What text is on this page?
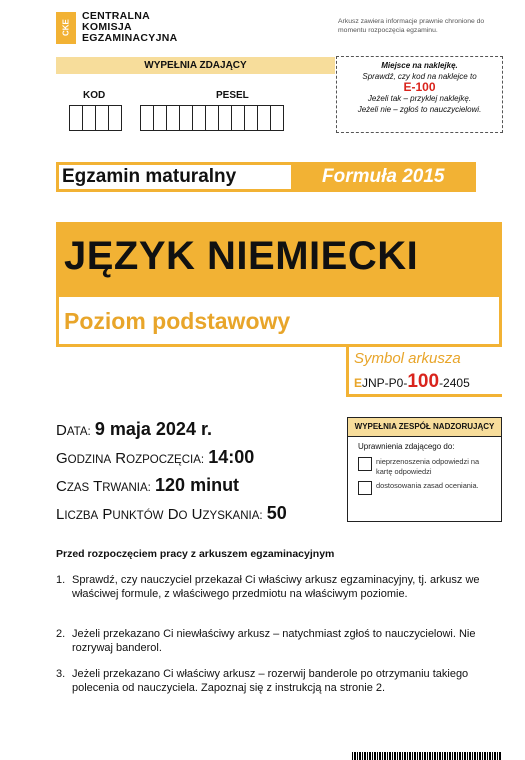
CKE
CENTRALNA
KOMISJA
EGZAMINACYJNA
Arkusz zawiera informacje prawnie chronione do momentu rozpoczęcia egzaminu.
WYPEŁNIA ZDAJĄCY
KOD	PESEL
Miejsce na naklejkę.
Sprawdź, czy kod na naklejce to
E-100
Jeżeli tak – przyklej naklejkę.
Jeżeli nie – zgłoś to nauczycielowi.
Egzamin maturalny	Formuła 2015
JĘZYK NIEMIECKI
Poziom podstawowy
Symbol arkusza
EJNP-P0-100-2405
DATA: 9 maja 2024 r.
GODZINA ROZPOCZĘCIA: 14:00
CZAS TRWANIA: 120 minut
LICZBA PUNKTÓW DO UZYSKANIA: 50
WYPEŁNIA ZESPÓŁ NADZORUJĄCY
Uprawnienia zdającego do:
nieprzenoszenia odpowiedzi na kartę odpowiedzi
dostosowania zasad oceniania.
Przed rozpoczęciem pracy z arkuszem egzaminacyjnym
1. Sprawdź, czy nauczyciel przekazał Ci właściwy arkusz egzaminacyjny, tj. arkusz we właściwej formule, z właściwego przedmiotu na właściwym poziomie.
2. Jeżeli przekazano Ci niewłaściwy arkusz – natychmiast zgłoś to nauczycielowi. Nie rozrywaj banderol.
3. Jeżeli przekazano Ci właściwy arkusz – rozerwij banderole po otrzymaniu takiego polecenia od nauczyciela. Zapoznaj się z instrukcją na stronie 2.
